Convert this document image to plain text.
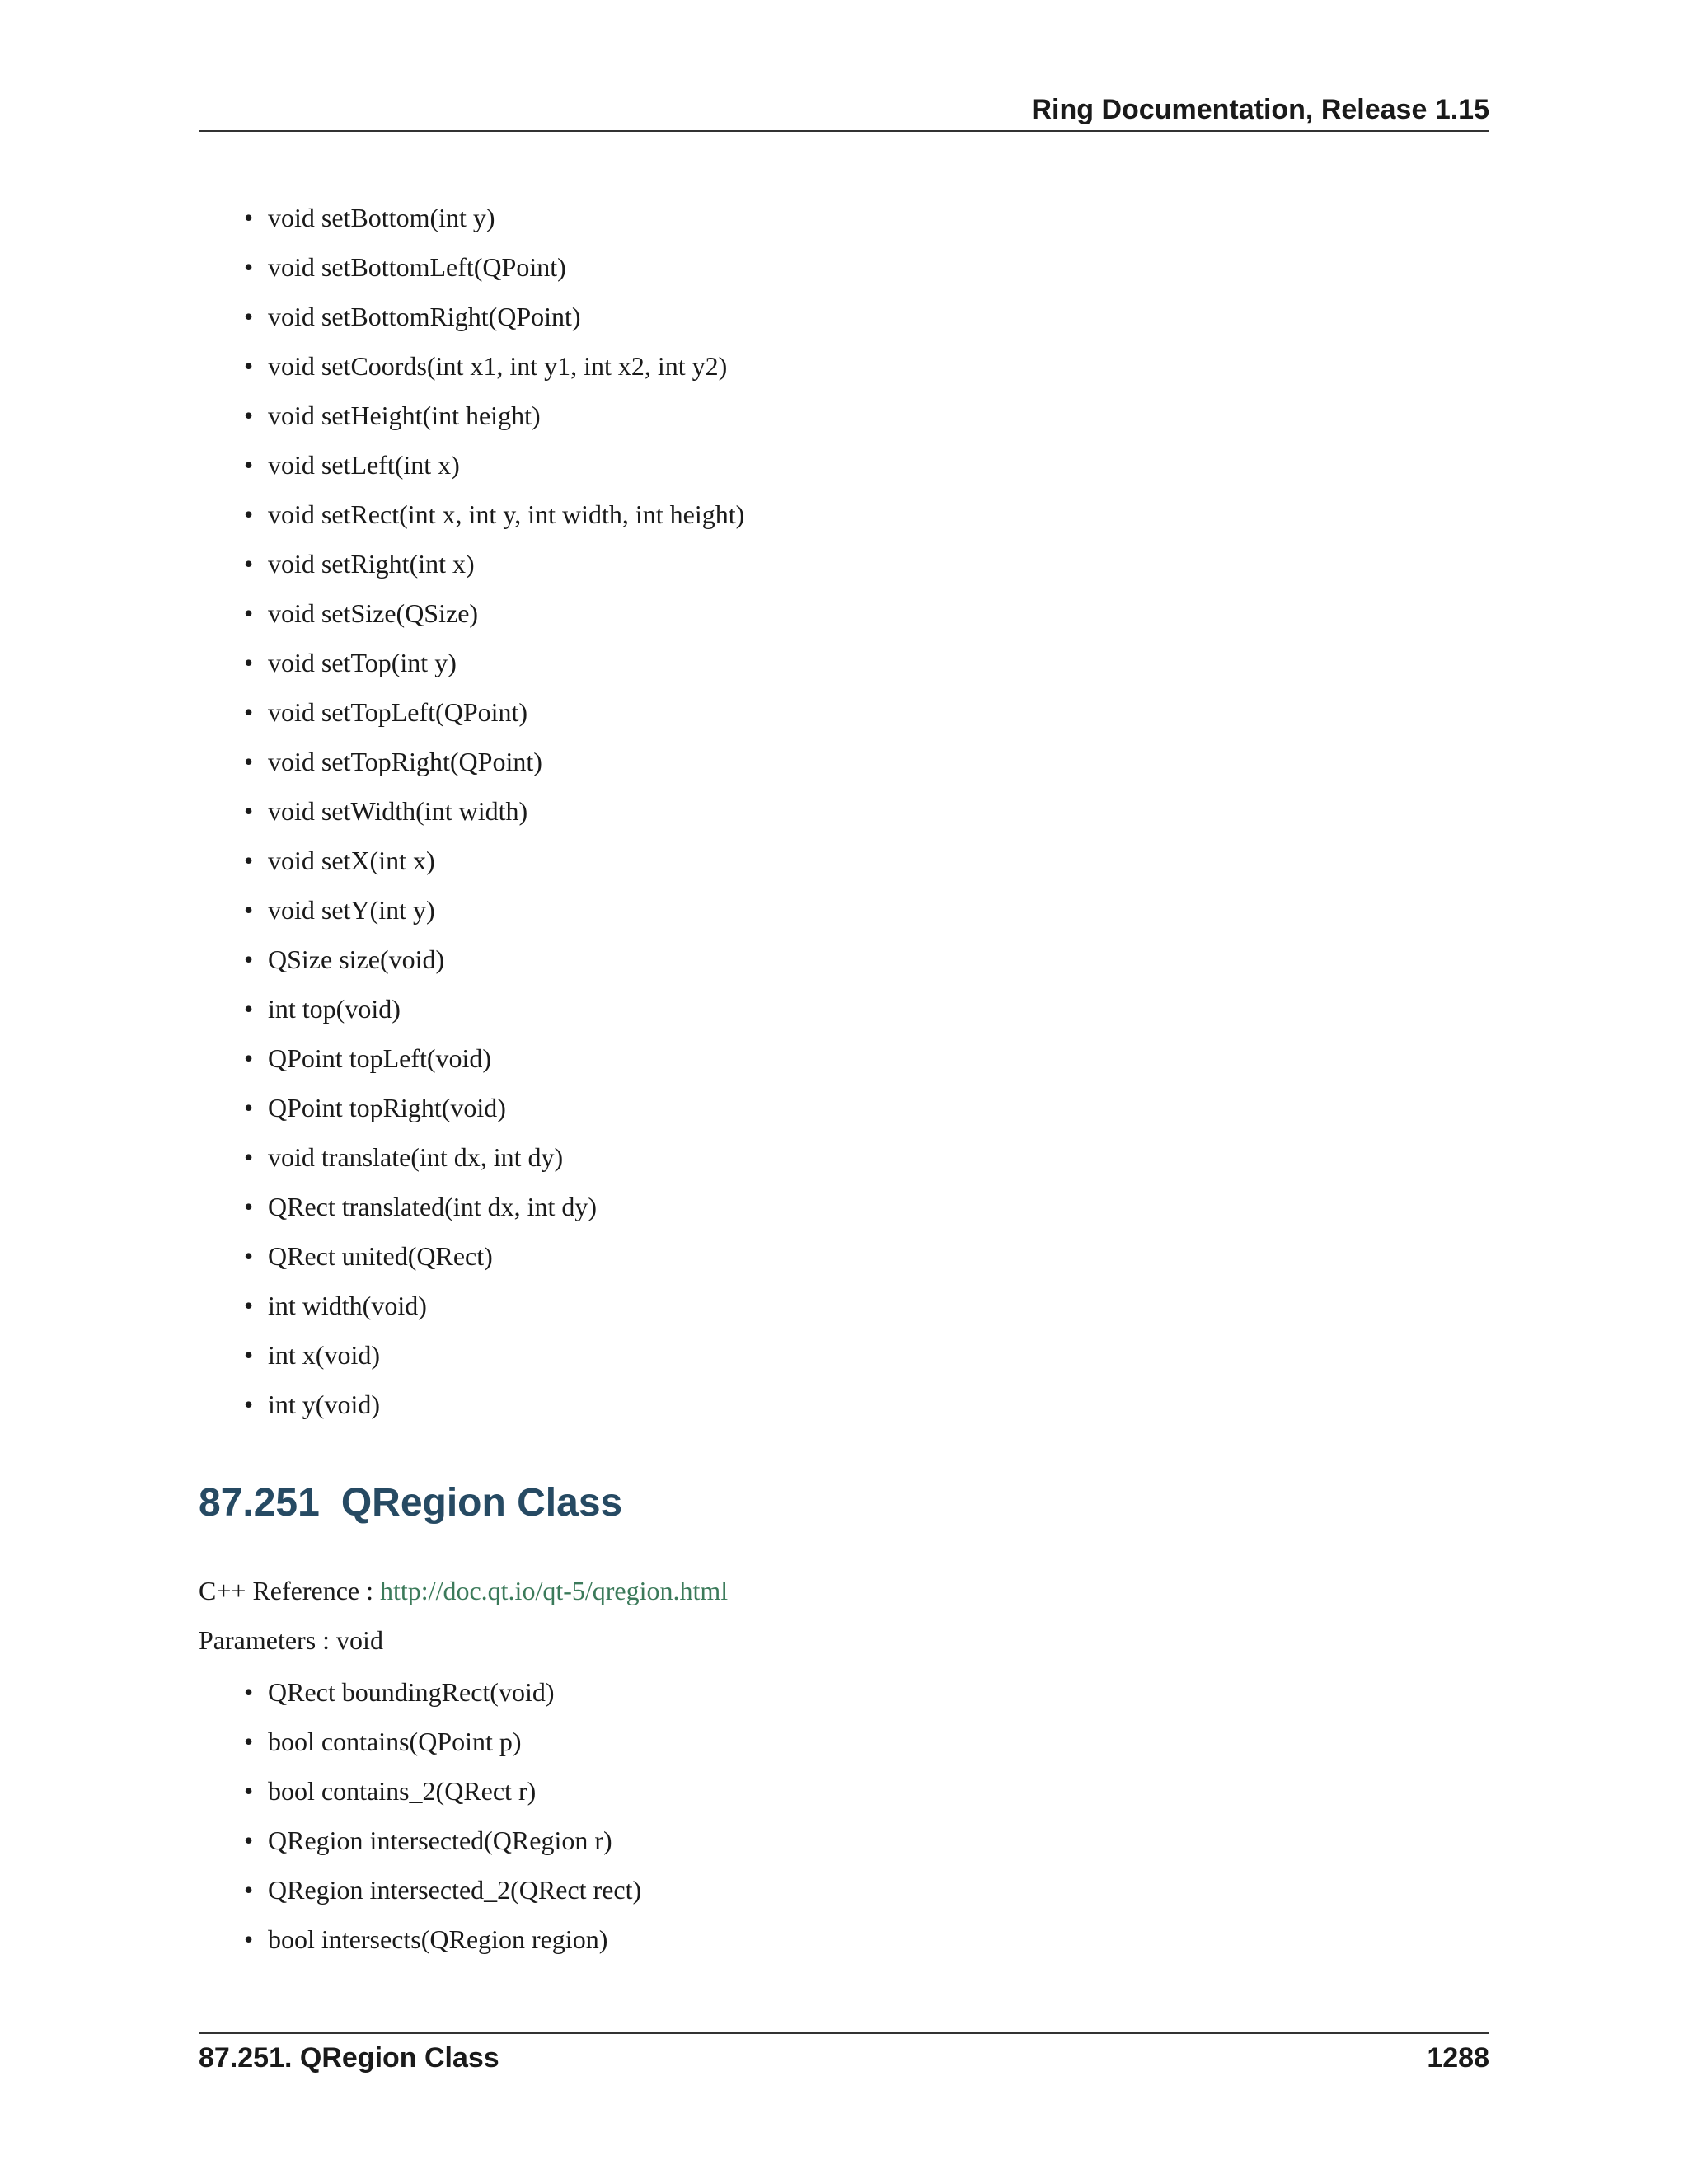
Ring Documentation, Release 1.15
• void setBottom(int y)
• void setBottomLeft(QPoint)
• void setBottomRight(QPoint)
• void setCoords(int x1, int y1, int x2, int y2)
• void setHeight(int height)
• void setLeft(int x)
• void setRect(int x, int y, int width, int height)
• void setRight(int x)
• void setSize(QSize)
• void setTop(int y)
• void setTopLeft(QPoint)
• void setTopRight(QPoint)
• void setWidth(int width)
• void setX(int x)
• void setY(int y)
• QSize size(void)
• int top(void)
• QPoint topLeft(void)
• QPoint topRight(void)
• void translate(int dx, int dy)
• QRect translated(int dx, int dy)
• QRect united(QRect)
• int width(void)
• int x(void)
• int y(void)
87.251 QRegion Class
C++ Reference : http://doc.qt.io/qt-5/qregion.html
Parameters : void
• QRect boundingRect(void)
• bool contains(QPoint p)
• bool contains_2(QRect r)
• QRegion intersected(QRegion r)
• QRegion intersected_2(QRect rect)
• bool intersects(QRegion region)
87.251. QRegion Class	1288
